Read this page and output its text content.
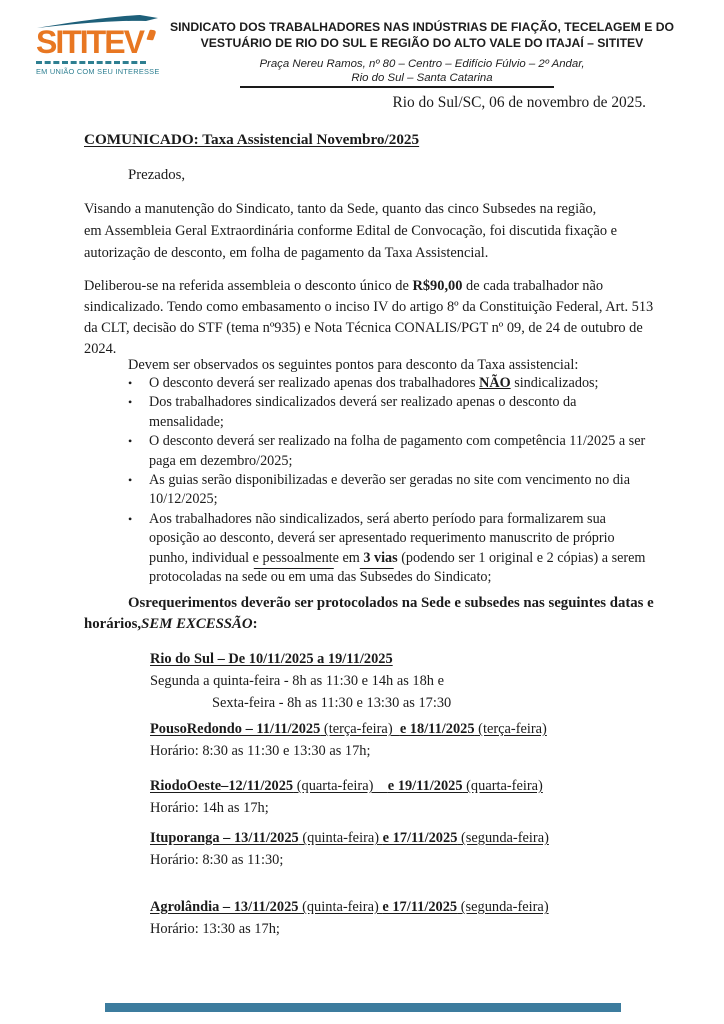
SITITEV
EM UNIÃO COM SEU INTERESSE
SINDICATO DOS TRABALHADORES NAS INDÚSTRIAS DE FIAÇÃO, TECELAGEM E DO
VESTUÁRIO DE RIO DO SUL E REGIÃO DO ALTO VALE DO ITAJAÍ – SITITEV
Praça Nereu Ramos, nº 80 – Centro – Edifício Fúlvio – 2º Andar,
Rio do Sul – Santa Catarina
Rio do Sul/SC, 06 de novembro de 2025.
COMUNICADO: Taxa Assistencial Novembro/2025
Prezados,
Visando a manutenção do Sindicato, tanto da Sede, quanto das cinco Subsedes na região,
em Assembleia Geral Extraordinária conforme Edital de Convocação, foi discutida fixação e
autorização de desconto, em folha de pagamento da Taxa Assistencial.
Deliberou-se na referida assembleia o desconto único de R$90,00 de cada trabalhador não
sindicalizado. Tendo como embasamento o inciso IV do artigo 8º da Constituição Federal, Art. 513
da CLT, decisão do STF (tema nº935) e Nota Técnica CONALIS/PGT nº 09, de 24 de outubro de
2024.
Devem ser observados os seguintes pontos para desconto da Taxa assistencial:
•	O desconto deverá ser realizado apenas dos trabalhadores NÃO sindicalizados;
•	Dos trabalhadores sindicalizados deverá ser realizado apenas o desconto da
mensalidade;
•	O desconto deverá ser realizado na folha de pagamento com competência 11/2025 a ser
paga em dezembro/2025;
•	As guias serão disponibilizadas e deverão ser geradas no site com vencimento no dia
10/12/2025;
•	Aos trabalhadores não sindicalizados, será aberto período para formalizarem sua
oposição ao desconto, deverá ser apresentado requerimento manuscrito de próprio
punho, individual e pessoalmente em 3 vias (podendo ser 1 original e 2 cópias) a serem
protocoladas na sede ou em uma das Subsedes do Sindicato;
Osrequerimentos deverão ser protocolados na Sede e subsedes nas seguintes datas e
horários,SEM EXCESSÃO:
Rio do Sul – De 10/11/2025 a 19/11/2025
Segunda a quinta-feira - 8h as 11:30 e 14h as 18h e
Sexta-feira - 8h as 11:30 e 13:30 as 17:30
PousoRedondo – 11/11/2025 (terça-feira)  e 18/11/2025 (terça-feira)
Horário: 8:30 as 11:30 e 13:30 as 17h;
RiodoOeste–12/11/2025 (quarta-feira)    e 19/11/2025 (quarta-feira)
Horário: 14h as 17h;
Ituporanga – 13/11/2025 (quinta-feira) e 17/11/2025 (segunda-feira)
Horário: 8:30 as 11:30;
Agrolândia – 13/11/2025 (quinta-feira) e 17/11/2025 (segunda-feira)
Horário: 13:30 as 17h;
